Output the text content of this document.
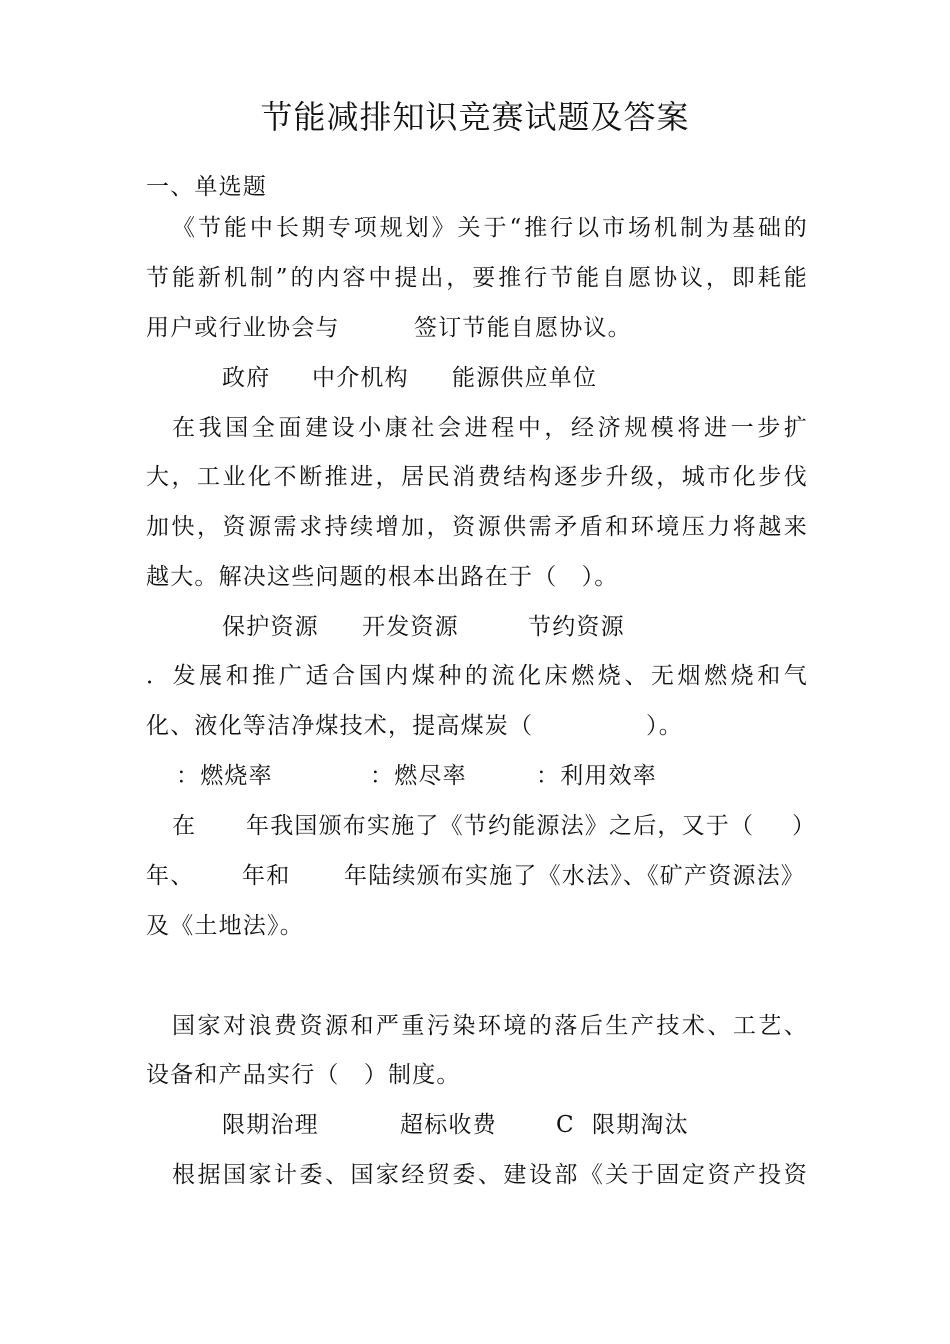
节能减排知识竞赛试题及答案
一、单选题
《节能中长期专项规划》关于“推行以市场机制为基础的
节能新机制”的内容中提出，要推行节能自愿协议，即耗能
用户或行业协会与	签订节能自愿协议。
政府 中介机构 能源供应单位
在我国全面建设小康社会进程中，经济规模将进一步扩
大，工业化不断推进，居民消费结构逐步升级，城市化步伐
加快，资源需求持续增加，资源供需矛盾和环境压力将越来
越大。解决这些问题的根本出路在于（　）。
保护资源 开发资源	节约资源
．发展和推广适合国内煤种的流化床燃烧、无烟燃烧和气
化、液化等洁净煤技术，提高煤炭（	）。
：燃烧率	：燃尽率	：利用效率
在 年我国颁布实施了《节约能源法》之后，又于（ ）
年、 年和 年陆续颁布实施了《水法》、《矿产资源法》
及《土地法》。
国家对浪费资源和严重污染环境的落后生产技术、工艺、
设备和产品实行（　）制度。
限期治理	超标收费	C 限期淘汰
根据国家计委、国家经贸委、建设部《关于固定资产投资
